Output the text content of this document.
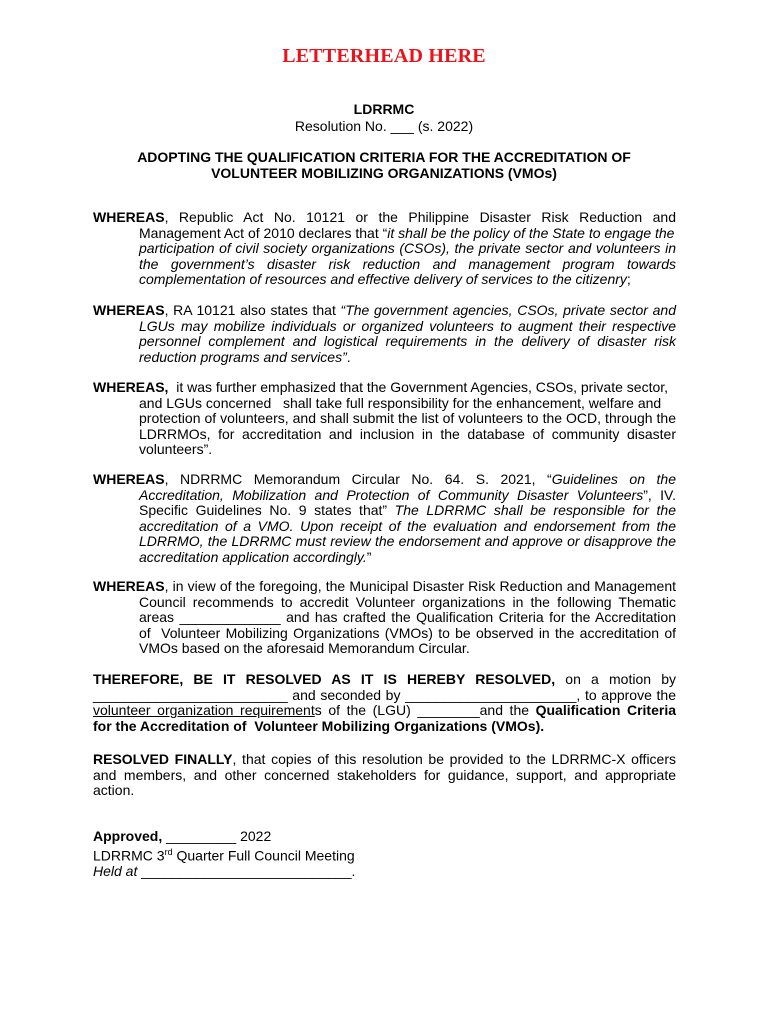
LETTERHEAD HERE
LDRRMC
Resolution No. ___ (s. 2022)
ADOPTING THE QUALIFICATION CRITERIA FOR THE ACCREDITATION OF
VOLUNTEER MOBILIZING ORGANIZATIONS (VMOs)
WHEREAS, Republic Act No. 10121 or the Philippine Disaster Risk Reduction and
Management Act of 2010 declares that “it shall be the policy of the State to engage the
participation of civil society organizations (CSOs), the private sector and volunteers in
the government’s disaster risk reduction and management program towards
complementation of resources and effective delivery of services to the citizenry;
WHEREAS, RA 10121 also states that “The government agencies, CSOs, private sector and
LGUs may mobilize individuals or organized volunteers to augment their respective
personnel complement and logistical requirements in the delivery of disaster risk
reduction programs and services”.
WHEREAS,  it was further emphasized that the Government Agencies, CSOs, private sector,
and LGUs concerned   shall take full responsibility for the enhancement, welfare and
protection of volunteers, and shall submit the list of volunteers to the OCD, through the
LDRRMOs, for accreditation and inclusion in the database of community disaster
volunteers”.
WHEREAS, NDRRMC Memorandum Circular No. 64. S. 2021, “Guidelines on the
Accreditation, Mobilization and Protection of Community Disaster Volunteers”, IV.
Specific Guidelines No. 9 states that” The LDRRMC shall be responsible for the
accreditation of a VMO. Upon receipt of the evaluation and endorsement from the
LDRRMO, the LDRRMC must review the endorsement and approve or disapprove the
accreditation application accordingly.”
WHEREAS, in view of the foregoing, the Municipal Disaster Risk Reduction and Management
Council recommends to accredit Volunteer organizations in the following Thematic
areas _____________ and has crafted the Qualification Criteria for the Accreditation
of  Volunteer Mobilizing Organizations (VMOs) to be observed in the accreditation of
VMOs based on the aforesaid Memorandum Circular.
THEREFORE, BE IT RESOLVED AS IT IS HEREBY RESOLVED, on a motion by
_________________________ and seconded by ______________________, to approve the
volunteer organization requirements of the (LGU) ________and the Qualification Criteria
for the Accreditation of  Volunteer Mobilizing Organizations (VMOs).
RESOLVED FINALLY, that copies of this resolution be provided to the LDRRMC-X officers
and members, and other concerned stakeholders for guidance, support, and appropriate
action.
Approved, _________ 2022
LDRRMC 3rd Quarter Full Council Meeting
Held at ___________________________.
